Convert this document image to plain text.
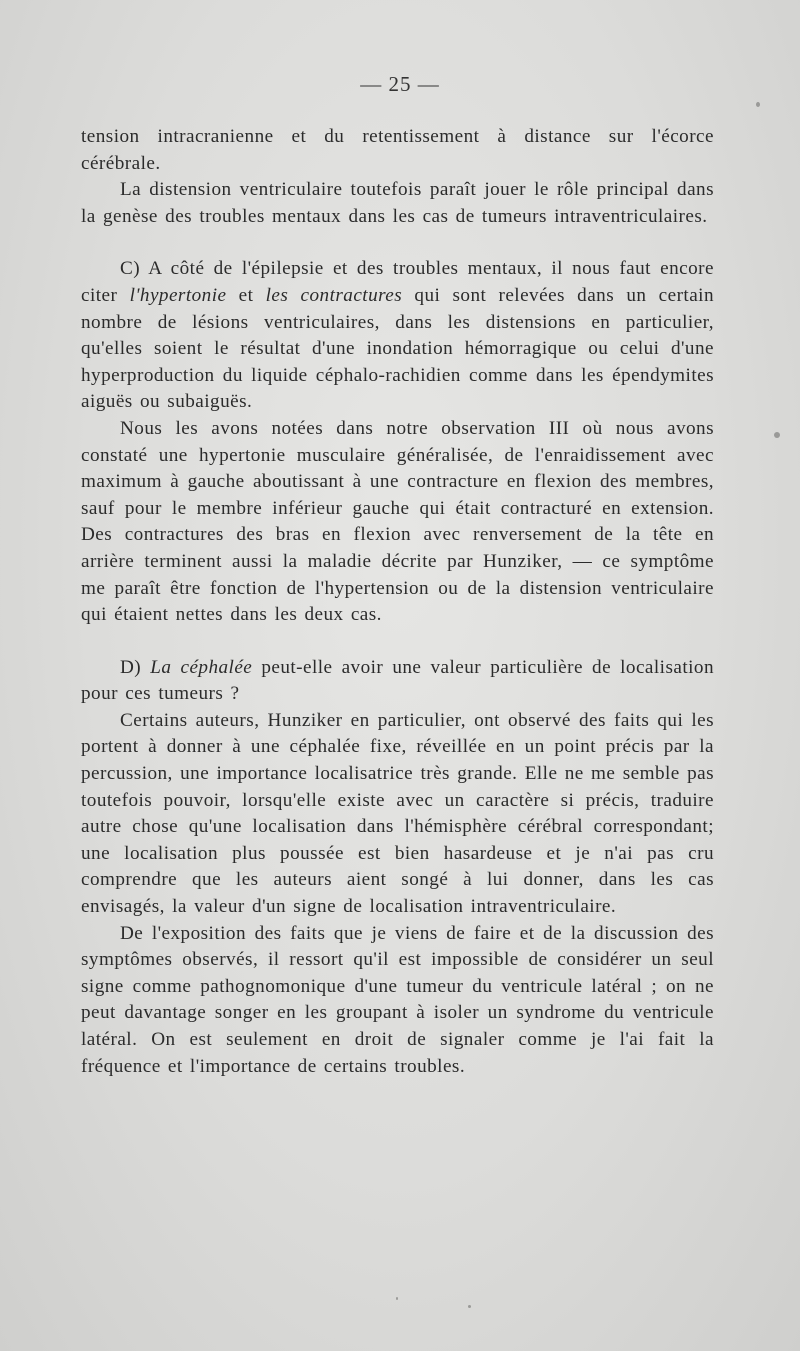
— 25 —

tension intracranienne et du retentissement à distance sur l'écorce cérébrale.

La distension ventriculaire toutefois paraît jouer le rôle principal dans la genèse des troubles mentaux dans les cas de tumeurs intraventriculaires.

C) A côté de l'épilepsie et des troubles mentaux, il nous faut encore citer l'hypertonie et les contractures qui sont relevées dans un certain nombre de lésions ventriculaires, dans les distensions en particulier, qu'elles soient le résultat d'une inondation hémorragique ou celui d'une hyperproduction du liquide céphalo-rachidien comme dans les épendymites aiguës ou subaiguës.

Nous les avons notées dans notre observation III où nous avons constaté une hypertonie musculaire généralisée, de l'enraidissement avec maximum à gauche aboutissant à une contracture en flexion des membres, sauf pour le membre inférieur gauche qui était contracturé en extension. Des contractures des bras en flexion avec renversement de la tête en arrière terminent aussi la maladie décrite par Hunziker, — ce symptôme me paraît être fonction de l'hypertension ou de la distension ventriculaire qui étaient nettes dans les deux cas.

D) La céphalée peut-elle avoir une valeur particulière de localisation pour ces tumeurs ?

Certains auteurs, Hunziker en particulier, ont observé des faits qui les portent à donner à une céphalée fixe, réveillée en un point précis par la percussion, une importance localisatrice très grande. Elle ne me semble pas toutefois pouvoir, lorsqu'elle existe avec un caractère si précis, traduire autre chose qu'une localisation dans l'hémisphère cérébral correspondant; une localisation plus poussée est bien hasardeuse et je n'ai pas cru comprendre que les auteurs aient songé à lui donner, dans les cas envisagés, la valeur d'un signe de localisation intraventriculaire.

De l'exposition des faits que je viens de faire et de la discussion des symptômes observés, il ressort qu'il est impossible de considérer un seul signe comme pathognomonique d'une tumeur du ventricule latéral ; on ne peut davantage songer en les groupant à isoler un syndrome du ventricule latéral. On est seulement en droit de signaler comme je l'ai fait la fréquence et l'importance de certains troubles.
